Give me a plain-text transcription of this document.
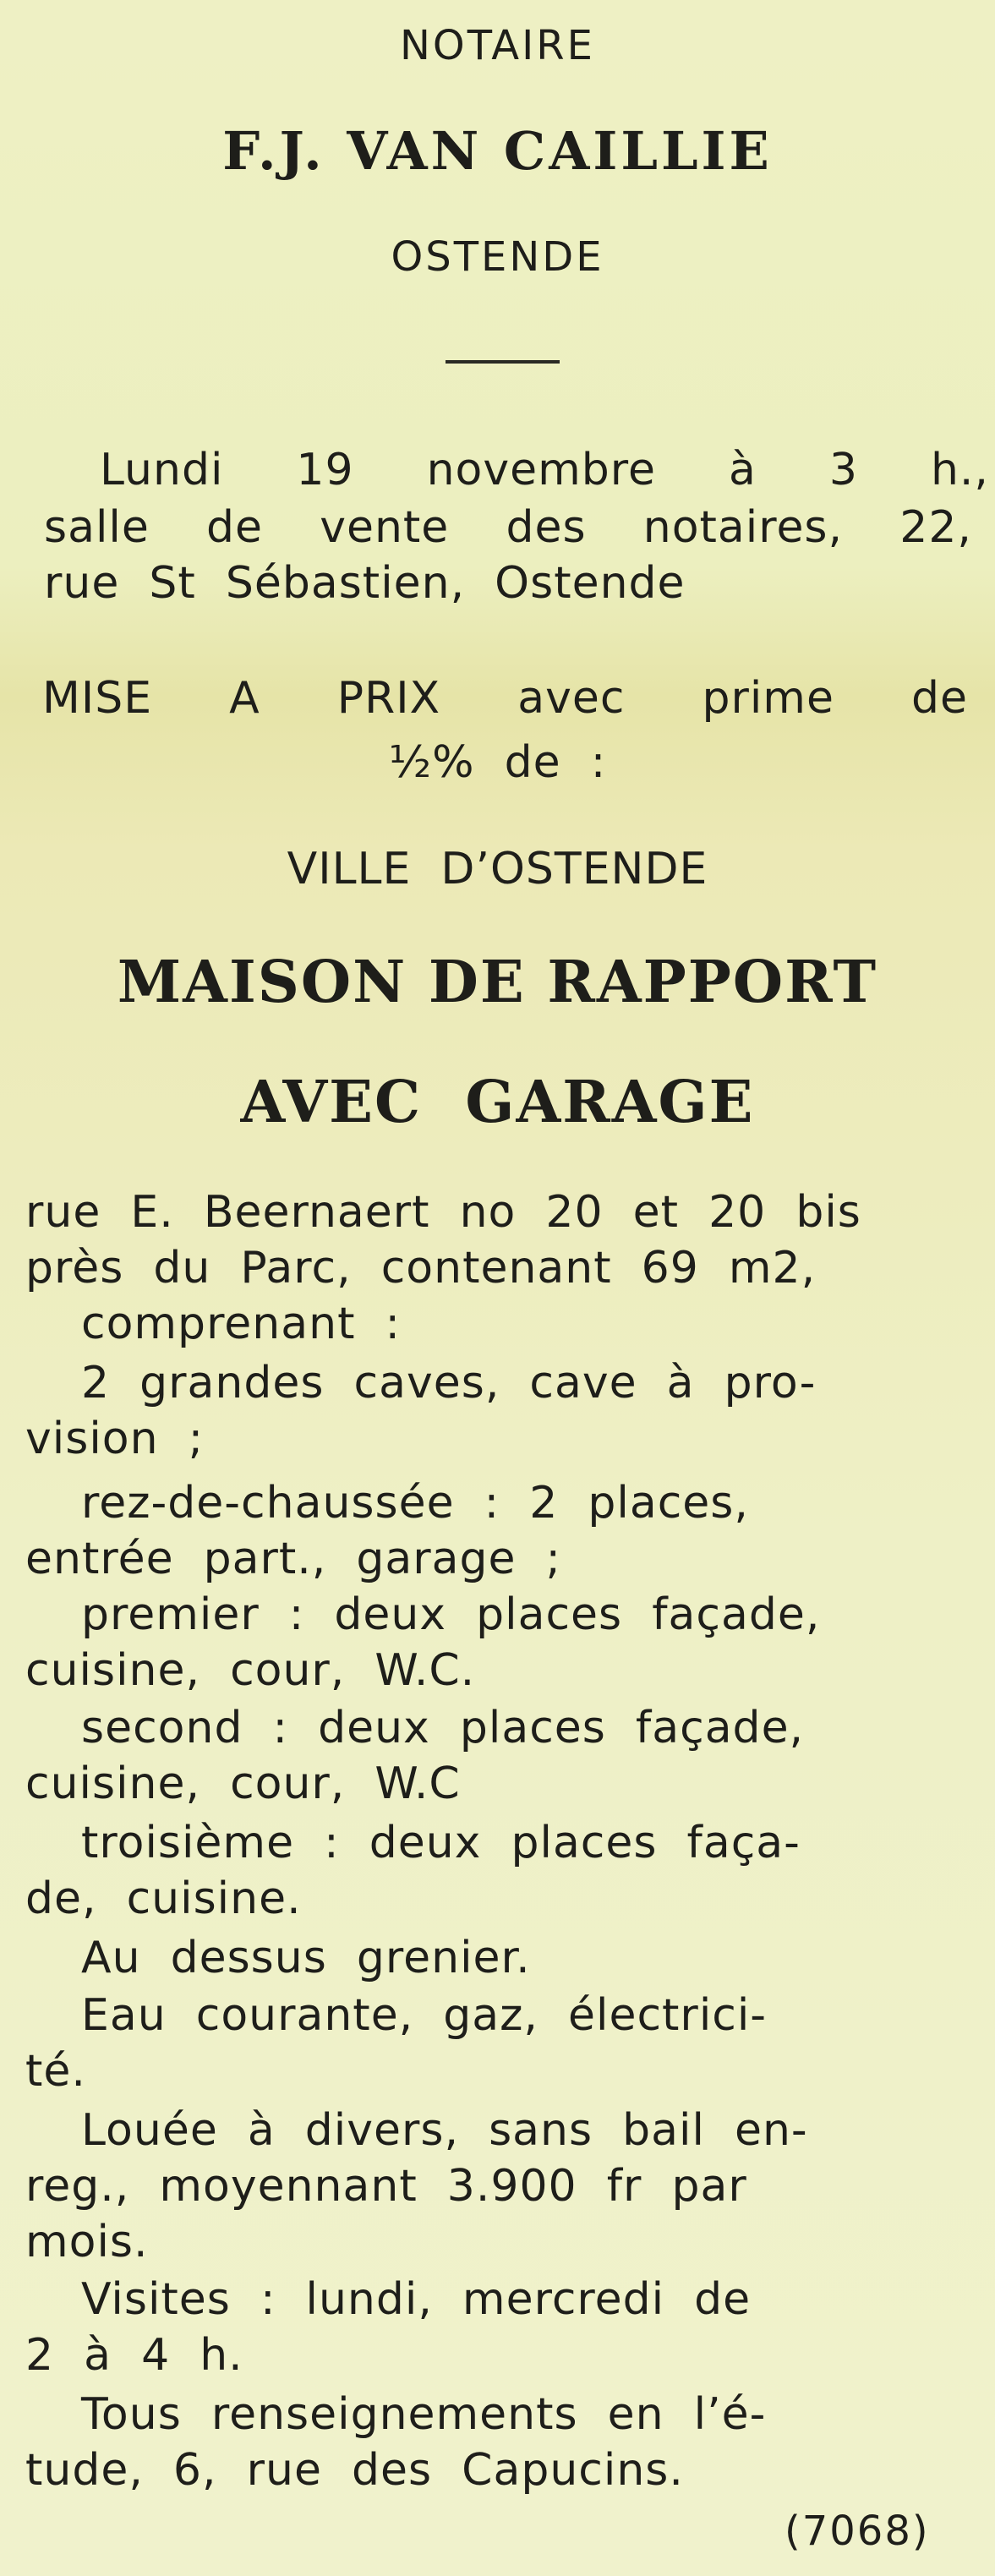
NOTAIRE
F.J. VAN CAILLIE
OSTENDE
Lundi 19 novembre à 3 h.,
salle de vente des notaires, 22,
rue  St  Sébastien,  Ostende
MISE A PRIX avec prime de
½%  de  :
VILLE  D’OSTENDE
MAISON DE RAPPORT
AVEC  GARAGE
rue  E.  Beernaert  no  20  et  20  bis
près  du  Parc,  contenant  69  m2,
comprenant  :
2  grandes  caves,  cave  à  pro-
vision  ;
rez-de-chaussée  :  2  places,
entrée  part.,  garage  ;
premier  :  deux  places  façade,
cuisine,  cour,  W.C.
second  :  deux  places  façade,
cuisine,  cour,  W.C
troisième  :  deux  places  faça-
de,  cuisine.
Au  dessus  grenier.
Eau  courante,  gaz,  électrici-
té.
Louée  à  divers,  sans  bail  en-
reg.,  moyennant  3.900  fr  par
mois.
Visites  :  lundi,  mercredi  de
2  à  4  h.
Tous  renseignements  en  l’é-
tude,  6,  rue  des  Capucins.
(7068)
